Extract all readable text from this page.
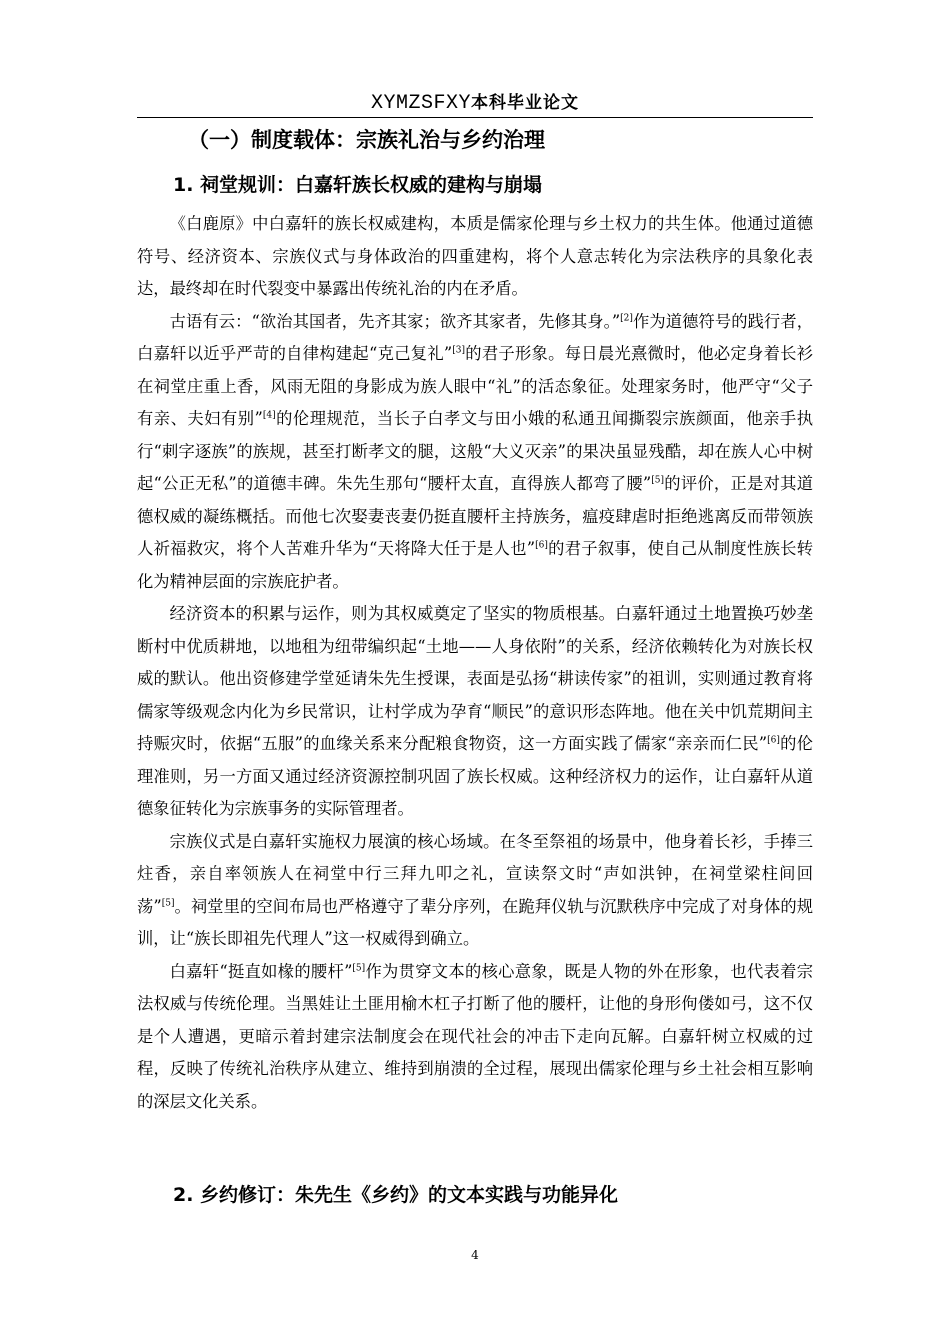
XYMZSFXY本科毕业论文
（一）制度载体：宗族礼治与乡约治理
1. 祠堂规训：白嘉轩族长权威的建构与崩塌

《白鹿原》中白嘉轩的族长权威建构，本质是儒家伦理与乡土权力的共生体。他通过道德符号、经济资本、宗族仪式与身体政治的四重建构，将个人意志转化为宗法秩序的具象化表达，最终却在时代裂变中暴露出传统礼治的内在矛盾。

古语有云：“欲治其国者，先齐其家；欲齐其家者，先修其身。”[2]作为道德符号的践行者，白嘉轩以近乎严苛的自律构建起“克己复礼”[3]的君子形象。每日晨光熹微时，他必定身着长衫在祠堂庄重上香，风雨无阻的身影成为族人眼中“礼”的活态象征。处理家务时，他严守“父子有亲、夫妇有别”[4]的伦理规范，当长子白孝文与田小娥的私通丑闻撕裂宗族颜面，他亲手执行“刺字逐族”的族规，甚至打断孝文的腿，这般“大义灭亲”的果决虽显残酷，却在族人心中树起“公正无私”的道德丰碑。朱先生那句“腰杆太直，直得族人都弯了腰”[5]的评价，正是对其道德权威的凝练概括。而他七次娶妻丧妻仍挺直腰杆主持族务，瘟疫肆虐时拒绝逃离反而带领族人祈福救灾，将个人苦难升华为“天将降大任于是人也”[6]的君子叙事，使自己从制度性族长转化为精神层面的宗族庇护者。

经济资本的积累与运作，则为其权威奠定了坚实的物质根基。白嘉轩通过土地置换巧妙垄断村中优质耕地，以地租为纽带编织起“土地——人身依附”的关系，经济依赖转化为对族长权威的默认。他出资修建学堂延请朱先生授课，表面是弘扬“耕读传家”的祖训，实则通过教育将儒家等级观念内化为乡民常识，让村学成为孕育“顺民”的意识形态阵地。他在关中饥荒期间主持赈灾时，依据“五服”的血缘关系来分配粮食物资，这一方面实践了儒家“亲亲而仁民”[6]的伦理准则，另一方面又通过经济资源控制巩固了族长权威。这种经济权力的运作，让白嘉轩从道德象征转化为宗族事务的实际管理者。

宗族仪式是白嘉轩实施权力展演的核心场域。在冬至祭祖的场景中，他身着长衫，手捧三炷香，亲自率领族人在祠堂中行三拜九叩之礼，宣读祭文时“声如洪钟，在祠堂梁柱间回荡”[5]。祠堂里的空间布局也严格遵守了辈分序列，在跪拜仪轨与沉默秩序中完成了对身体的规训，让“族长即祖先代理人”这一权威得到确立。

白嘉轩“挺直如椽的腰杆”[5]作为贯穿文本的核心意象，既是人物的外在形象，也代表着宗法权威与传统伦理。当黑娃让土匪用榆木杠子打断了他的腰杆，让他的身形佝偻如弓，这不仅是个人遭遇，更暗示着封建宗法制度会在现代社会的冲击下走向瓦解。白嘉轩树立权威的过程，反映了传统礼治秩序从建立、维持到崩溃的全过程，展现出儒家伦理与乡土社会相互影响的深层文化关系。

2. 乡约修订：朱先生《乡约》的文本实践与功能异化
4
